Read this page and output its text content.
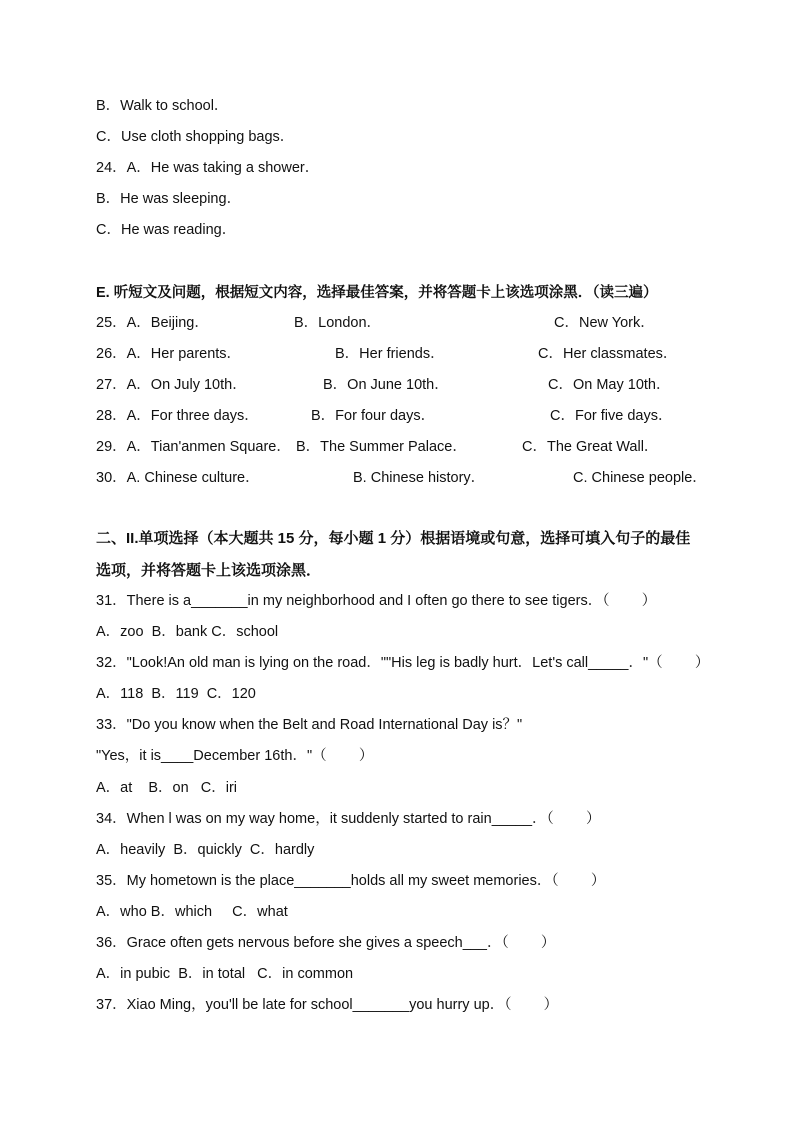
B．Walk to school．
C．Use cloth shopping bags．
24．A．He was taking a shower．
B．He was sleeping．
C．He was reading．
E. 听短文及问题，根据短文内容，选择最佳答案，并将答题卡上该选项涂黑．（读三遍）
25．A．Beijing．	B．London．	C．New York．
26．A．Her parents．	B．Her friends．	C．Her classmates．
27．A．On July 10th．	B．On June 10th．	C．On May 10th．
28．A．For three days．	B．For four days．	C．For five days．
29．A．Tian'anmen Square． B．The Summer Palace．	C．The Great Wall．
30．A. Chinese culture．	B. Chinese history．	C. Chinese people．
二、II.单项选择（本大题共 15 分，每小题 1 分）根据语境或句意，选择可填入句子的最佳
选项，并将答题卡上该选项涂黑．
31．There is a_______in my neighborhood and I often go there to see tigers．（        ）
A．zoo  B．bank C．school
32．"Look!An old man is lying on the road．""His leg is badly hurt．Let's call_____．"（        ）
A．118  B．119  C．120
33．"Do you know when the Belt and Road International Day is？"
"Yes，it is____December 16th．"（        ）
A．at    B．on   C．iri
34．When l was on my way home，it suddenly started to rain_____．（        ）
A．heavily  B．quickly  C．hardly
35．My hometown is the place_______holds all my sweet memories．（        ）
A．who B．which     C．what
36．Grace often gets nervous before she gives a speech___．（        ）
A．in pubic  B．in total   C．in common
37．Xiao Ming，you'll be late for school_______you hurry up．（        ）
